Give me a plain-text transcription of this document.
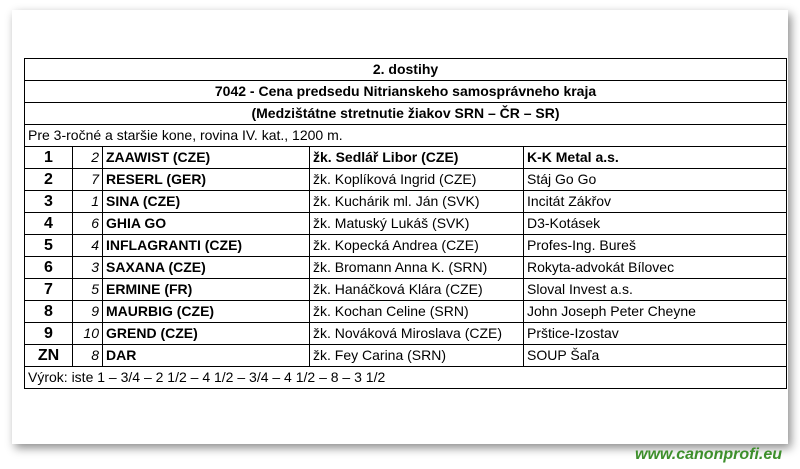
2. dostihy				
7042 - Cena predsedu Nitrianskeho samosprávneho kraja				
(Medzištátne stretnutie žiakov SRN – ČR – SR)				
Pre 3-ročné a staršie kone, rovina IV. kat., 1200 m.				
1	2	ZAAWIST (CZE)	žk. Sedlář Libor (CZE)	K-K Metal a.s.
2	7	RESERL (GER)	žk. Koplíková Ingrid (CZE)	Stáj Go Go
3	1	SINA (CZE)	žk. Kuchárik ml. Ján (SVK)	Incitát Zákřov
4	6	GHIA GO	žk. Matuský Lukáš (SVK)	D3-Kotásek
5	4	INFLAGRANTI (CZE)	žk. Kopecká Andrea (CZE)	Profes-Ing. Bureš
6	3	SAXANA (CZE)	žk. Bromann Anna K. (SRN)	Rokyta-advokát Bílovec
7	5	ERMINE (FR)	žk. Hanáčková Klára (CZE)	Sloval Invest a.s.
8	9	MAURBIG (CZE)	žk. Kochan Celine (SRN)	John Joseph Peter Cheyne
9	10	GREND (CZE)	žk. Nováková Miroslava (CZE)	Prštice-Izostav
ZN	8	DAR	žk. Fey Carina (SRN)	SOUP Šaľa
Výrok: iste 1 – 3/4 – 2 1/2 – 4 1/2 – 3/4 – 4 1/2 – 8 – 3 1/2				
www.canonprofi.eu
